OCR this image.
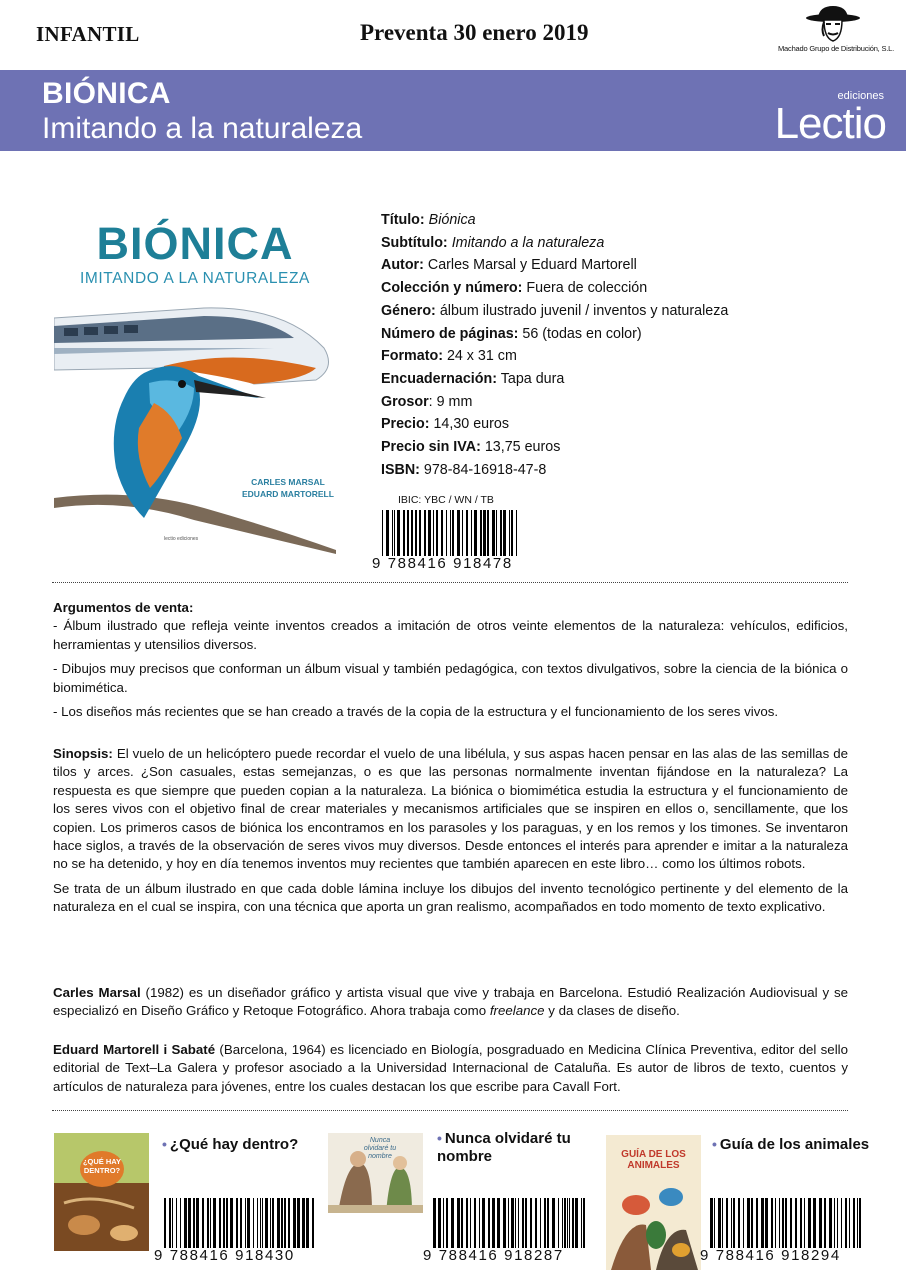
INFANTIL	Preventa 30 enero 2019
Machado Grupo de Distribución, S.L.
BIÓNICA
Imitando a la naturaleza
ediciones
Lectio
BIÓNICA
IMITANDO A LA NATURALEZA
CARLES MARSAL
EDUARD MARTORELL
lectio ediciones
Título: Biónica
Subtítulo: Imitando a la naturaleza
Autor: Carles Marsal y Eduard Martorell
Colección y número: Fuera de colección
Género: álbum ilustrado juvenil / inventos y naturaleza
Número de páginas: 56 (todas en color)
Formato: 24 x 31 cm
Encuadernación: Tapa dura
Grosor: 9 mm
Precio: 14,30 euros
Precio sin IVA: 13,75 euros
ISBN: 978-84-16918-47-8
IBIC: YBC / WN / TB
9 788416 918478
Argumentos de venta:
- Álbum ilustrado que refleja veinte inventos creados a imitación de otros veinte elementos de la naturaleza: vehículos, edificios, herramientas y utensilios diversos.
- Dibujos muy precisos que conforman un álbum visual y también pedagógica, con textos divulgativos, sobre la ciencia de la biónica o biomimética.
- Los diseños más recientes que se han creado a través de la copia de la estructura y el funcionamiento de los seres vivos.
Sinopsis: El vuelo de un helicóptero puede recordar el vuelo de una libélula, y sus aspas hacen pensar en las alas de las semillas de tilos y arces. ¿Son casuales, estas semejanzas, o es que las personas normalmente inventan fijándose en la naturaleza? La respuesta es que siempre que pueden copian a la naturaleza. La biónica o biomimética estudia la estructura y el funcionamiento de los seres vivos con el objetivo final de crear materiales y mecanismos artificiales que se inspiren en ellos o, sencillamente, que los copien. Los primeros casos de biónica los encontramos en los parasoles y los paraguas, y en los remos y los timones. Se inventaron hace siglos, a través de la observación de seres vivos muy diversos. Desde entonces el interés para aprender e imitar a la naturaleza no se ha detenido, y hoy en día tenemos inventos muy recientes que también aparecen en este libro… como los últimos robots.
Se trata de un álbum ilustrado en que cada doble lámina incluye los dibujos del invento tecnológico pertinente y del elemento de la naturaleza en el cual se inspira, con una técnica que aporta un gran realismo, acompañados en todo momento de texto explicativo.
Carles Marsal (1982) es un diseñador gráfico y artista visual que vive y trabaja en Barcelona. Estudió Realización Audiovisual y se especializó en Diseño Gráfico y Retoque Fotográfico. Ahora trabaja como freelance y da clases de diseño.
Eduard Martorell i Sabaté (Barcelona, 1964) es licenciado en Biología, posgraduado en Medicina Clínica Preventiva, editor del sello editorial de Text–La Galera y profesor asociado a la Universidad Internacional de Cataluña. Es autor de libros de texto, cuentos y artículos de naturaleza para jóvenes, entre los cuales destacan los que escribe para Cavall Fort.
¿QUÉ HAY DENTRO?
• ¿Qué hay dentro?
9 788416 918430
Nunca olvidaré tu nombre
• Nunca olvidaré tu nombre
9 788416 918287
GUÍA DE LOS ANIMALES
• Guía de los animales
9 788416 918294
